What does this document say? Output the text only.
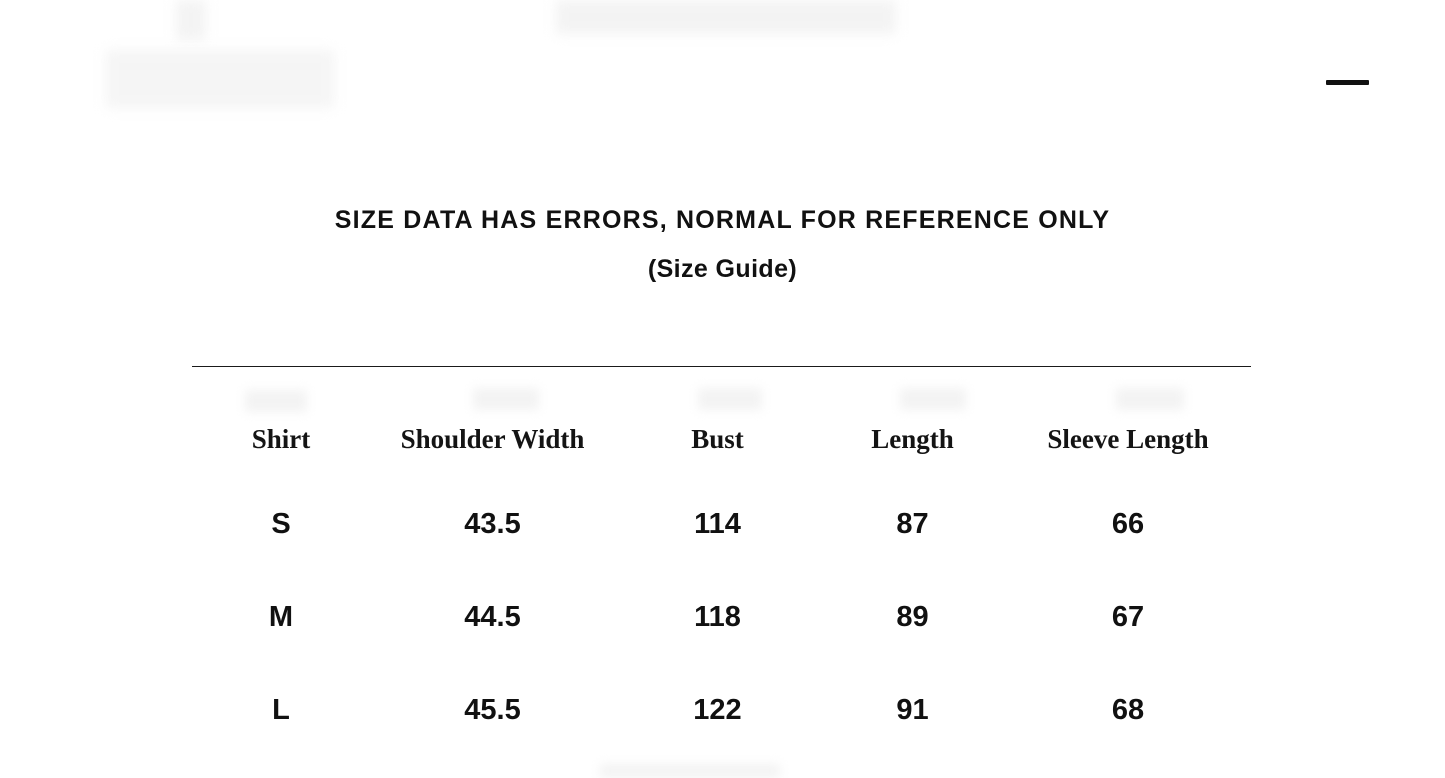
SIZE DATA HAS ERRORS, NORMAL FOR REFERENCE ONLY
(Size Guide)
Shirt	Shoulder Width	Bust	Length	Sleeve Length
S	43.5	114	87	66
M	44.5	118	89	67
L	45.5	122	91	68
